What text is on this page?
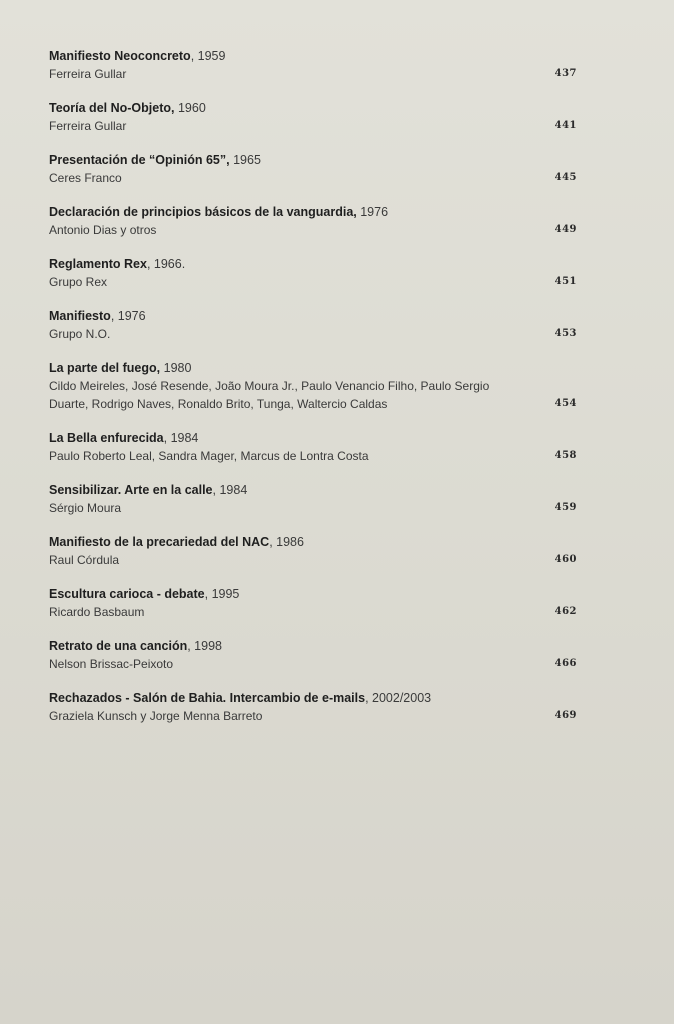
Manifiesto Neoconcreto, 1959
Ferreira Gullar	437
Teoría del No-Objeto, 1960
Ferreira Gullar	441
Presentación de “Opinión 65”, 1965
Ceres Franco	445
Declaración de principios básicos de la vanguardia, 1976
Antonio Dias y otros	449
Reglamento Rex, 1966.
Grupo Rex	451
Manifiesto, 1976
Grupo N.O.	453
La parte del fuego, 1980
Cildo Meireles, José Resende, João Moura Jr., Paulo Venancio Filho, Paulo Sergio Duarte, Rodrigo Naves, Ronaldo Brito, Tunga, Waltercio Caldas	454
La Bella enfurecida, 1984
Paulo Roberto Leal, Sandra Mager, Marcus de Lontra Costa	458
Sensibilizar. Arte en la calle, 1984
Sérgio Moura	459
Manifiesto de la precariedad del NAC, 1986
Raul Córdula	460
Escultura carioca - debate, 1995
Ricardo Basbaum	462
Retrato de una canción, 1998
Nelson Brissac-Peixoto	466
Rechazados - Salón de Bahia. Intercambio de e-mails, 2002/2003
Graziela Kunsch y Jorge Menna Barreto	469
